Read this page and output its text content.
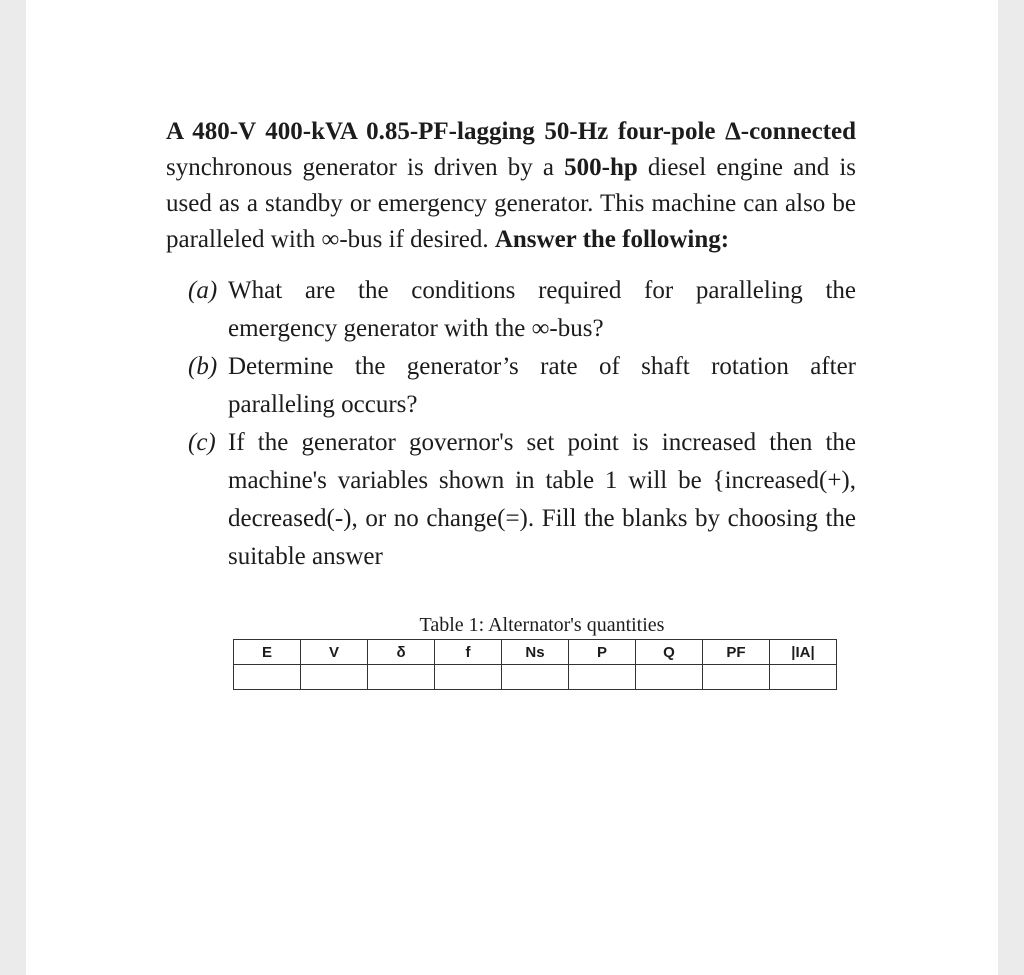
A 480-V 400-kVA 0.85-PF-lagging 50-Hz four-pole Δ-connected synchronous generator is driven by a 500-hp diesel engine and is used as a standby or emergency generator. This machine can also be paralleled with ∞-bus if desired. Answer the following:

(a) What are the conditions required for paralleling the emergency generator with the ∞-bus?
(b) Determine the generator’s rate of shaft rotation after paralleling occurs?
(c) If the generator governor's set point is increased then the machine's variables shown in table 1 will be {increased(+), decreased(-), or no change(=). Fill the blanks by choosing the suitable answer
Table 1: Alternator's quantities
E	V	δ	f	Ns	P	Q	PF	|IA|
